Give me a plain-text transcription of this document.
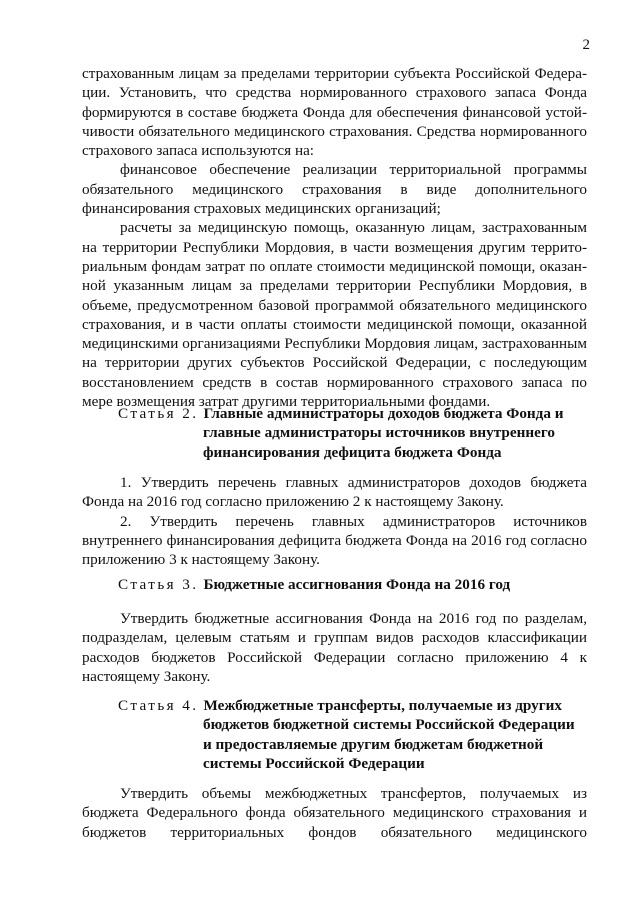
2

страхованным лицам за пределами территории субъекта Российской Федерации. Установить, что средства нормированного страхового запаса Фонда формируются в составе бюджета Фонда для обеспечения финансовой устойчивости обязательного медицинского страхования. Средства нормированного страхового запаса используются на:

финансовое обеспечение реализации территориальной программы обязательного медицинского страхования в виде дополнительного финансирования страховых медицинских организаций;

расчеты за медицинскую помощь, оказанную лицам, застрахованным на территории Республики Мордовия, в части возмещения другим территориальным фондам затрат по оплате стоимости медицинской помощи, оказанной указанным лицам за пределами территории Республики Мордовия, в объеме, предусмотренном базовой программой обязательного медицинского страхования, и в части оплаты стоимости медицинской помощи, оказанной медицинскими организациями Республики Мордовия лицам, застрахованным на территории других субъектов Российской Федерации, с последующим восстановлением средств в состав нормированного страхового запаса по мере возмещения затрат другими территориальными фондами.

Статья 2. Главные администраторы доходов бюджета Фонда и
главные администраторы источников внутреннего
финансирования дефицита бюджета Фонда

1. Утвердить перечень главных администраторов доходов бюджета Фонда на 2016 год согласно приложению 2 к настоящему Закону.

2. Утвердить перечень главных администраторов источников внутреннего финансирования дефицита бюджета Фонда на 2016 год согласно приложению 3 к настоящему Закону.

Статья 3. Бюджетные ассигнования Фонда на 2016 год

Утвердить бюджетные ассигнования Фонда на 2016 год по разделам, подразделам, целевым статьям и группам видов расходов классификации расходов бюджетов Российской Федерации согласно приложению 4 к настоящему Закону.

Статья 4. Межбюджетные трансферты, получаемые из других
бюджетов бюджетной системы Российской Федерации
и предоставляемые другим бюджетам бюджетной
системы Российской Федерации

Утвердить объемы межбюджетных трансфертов, получаемых из бюджета Федерального фонда обязательного медицинского страхования и бюджетов территориальных фондов обязательного медицинского
